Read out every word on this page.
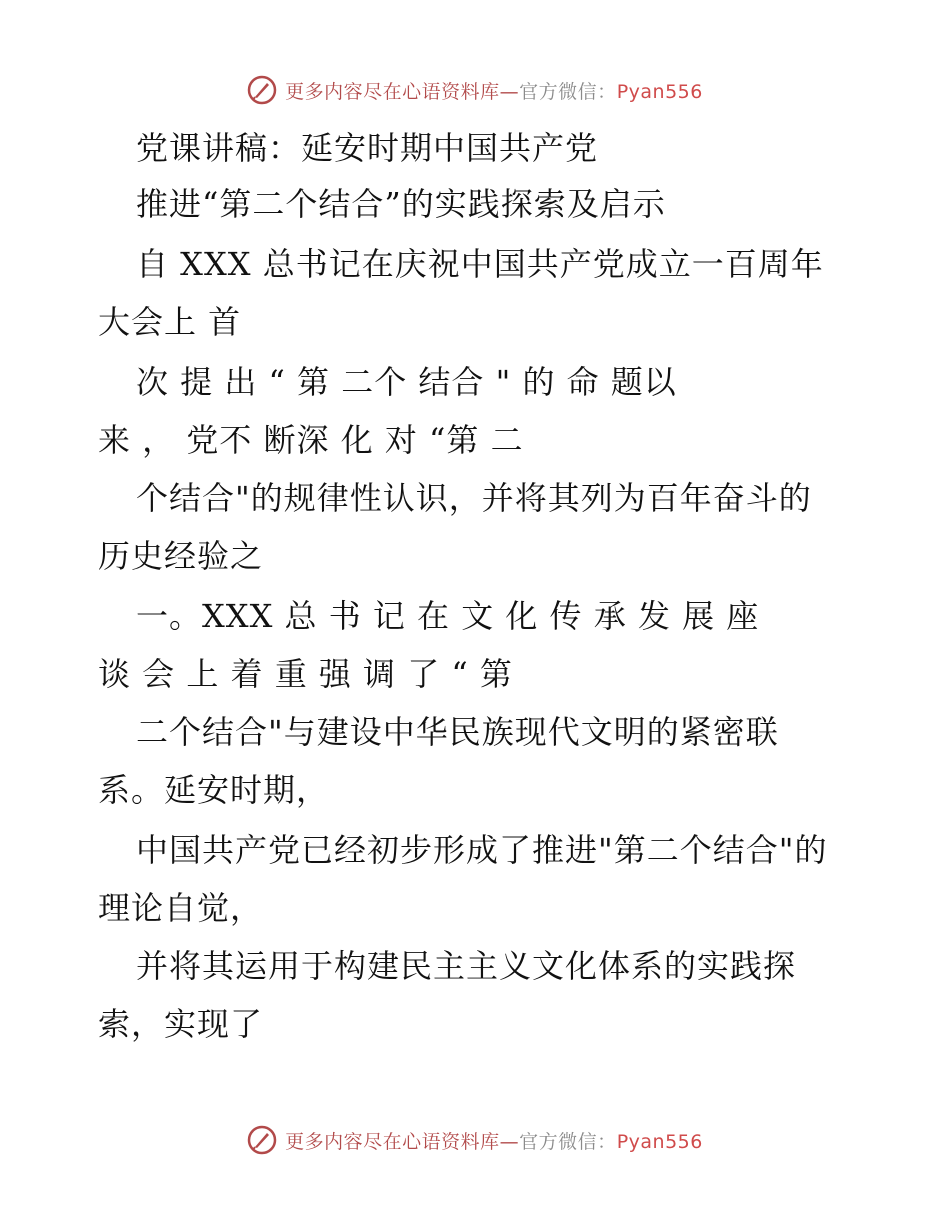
更多内容尽在心语资料库—官方微信：Pyan556
党课讲稿：延安时期中国共产党
推进“第二个结合”的实践探索及启示
自 XXX 总书记在庆祝中国共产党成立一百周年
大会上 首
次 提 出 “ 第 二个 结合 " 的 命 题以
来 ， 党不 断深 化 对 “第 二
个结合"的规律性认识，并将其列为百年奋斗的
历史经验之
一。XXX 总 书 记 在 文 化 传 承 发 展 座
谈 会 上 着 重 强 调 了 “ 第
二个结合"与建设中华民族现代文明的紧密联
系。延安时期，
中国共产党已经初步形成了推进"第二个结合"的
理论自觉，
并将其运用于构建民主主义文化体系的实践探
索，实现了
更多内容尽在心语资料库—官方微信：Pyan556
